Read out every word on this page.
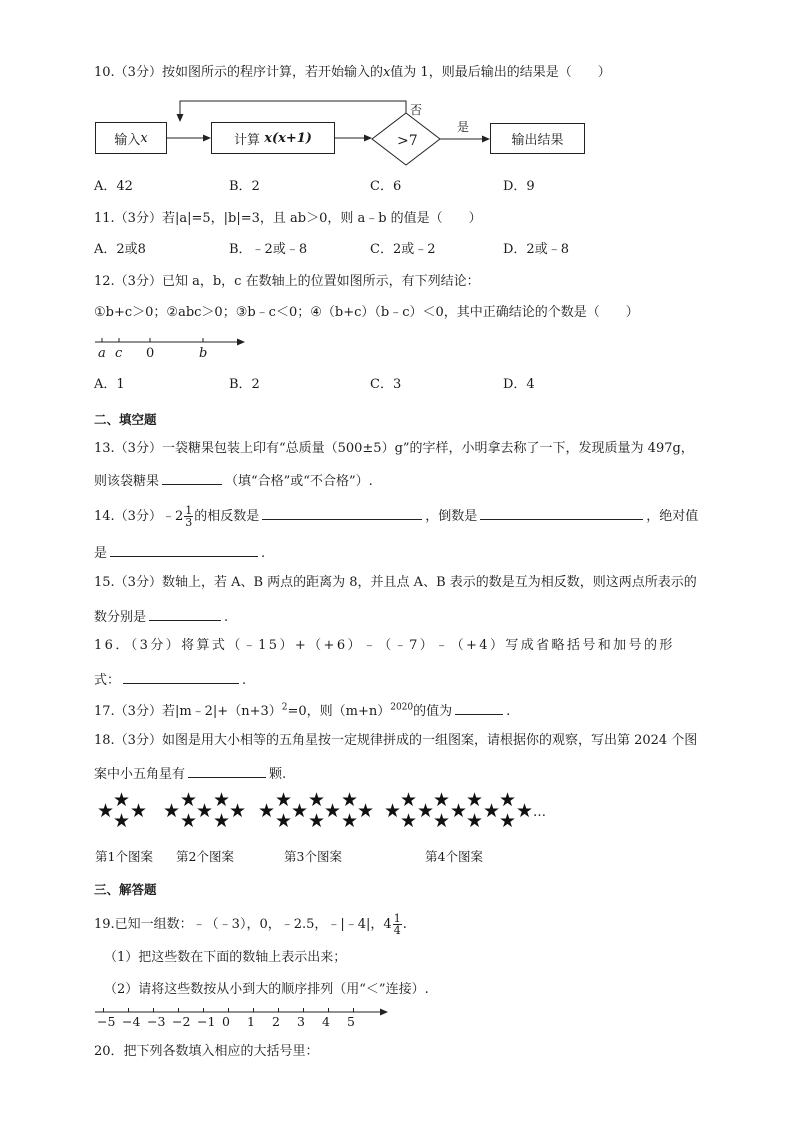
10.（3分）按如图所示的程序计算，若开始输入的x值为 1，则最后输出的结果是（　　）
输入 x	计算
x(x+1)	>7
否
是
输出结果
A．42	B．2	C．6	D．9
11.（3分）若|a|=5，|b|=3，且 ab＞0，则 a﹣b 的值是（　　）
A．2或8	B．﹣2或﹣8	C．2或﹣2	D．2或﹣8
12.（3分）已知 a，b，c 在数轴上的位置如图所示，有下列结论：
①b+c＞0；②abc＞0；③b﹣c＜0；④（b+c）（b﹣c）＜0，其中正确结论的个数是（　　）
a c 0	b
A．1	B．2	C．3	D．4
二、填空题
13.（3分）一袋糖果包装上印有“总质量（500±5）g”的字样，小明拿去称了一下，发现质量为 497g，
则该袋糖果	（填“合格”或“不合格”）.
14.（3分）﹣2 $\frac{1}{3}$ 的相反数是	，倒数是	，绝对值
是	.
15.（3分）数轴上，若 A、B 两点的距离为 8，并且点 A、B 表示的数是互为相反数，则这两点所表示的
数分别是	.
16．（3分）将算式（﹣15）+（+6）﹣（﹣7）﹣（+4）写成省略括号和加号的形
式：	.
17.（3分）若$|m﹣2|+(n+3)^2=0$，则$(m+n)^{2020}$的值为	.
18.（3分）如图是用大小相等的五角星按一定规律拼成的一组图案，请根据你的观察，写出第 2024 个图
案中小五角星有	颗.
★
★
★ ★ ★ ★
★
★ ★
★
★ ★ ★
★
★ ★
★
★ ★
★
★ ★
★
★ ★
★
★ ★
★
★ ★
★
★ ★ …
第1个图案 第2个图案	第3个图案	第4个图案
三、解答题
19.已知一组数：﹣（﹣3），0，﹣2.5，﹣|﹣4|，$4 \frac{1}{4}$ .
（1）把这些数在下面的数轴上表示出来；
（2）请将这些数按从小到大的顺序排列（用“＜”连接）.
−5 −4 −3 −2 −1 0 1 2 3 4 5
20．把下列各数填入相应的大括号里：
